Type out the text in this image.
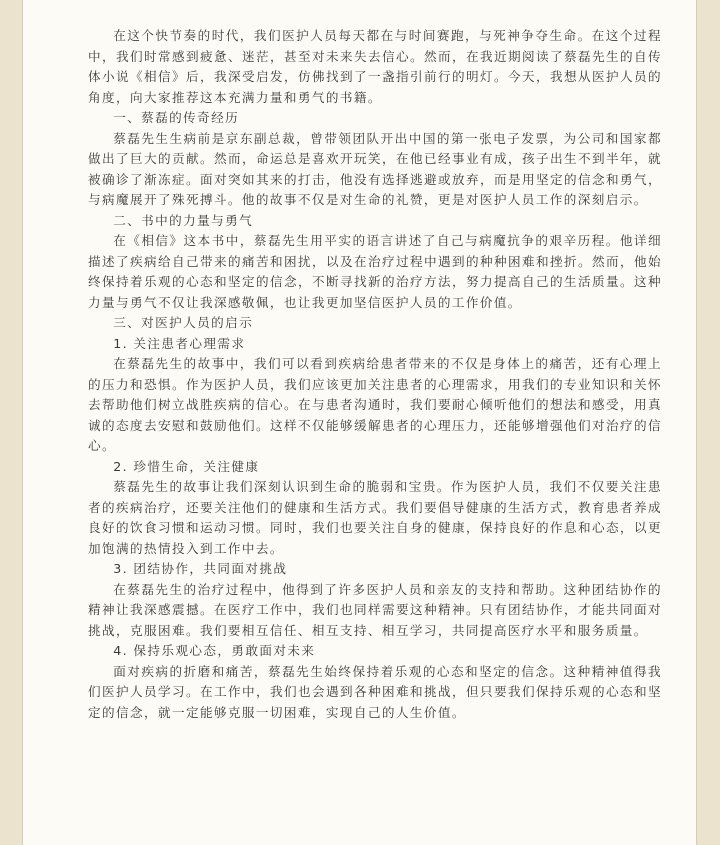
在这个快节奏的时代，我们医护人员每天都在与时间赛跑，与死神争夺生命。在这个过程中，我们时常感到疲惫、迷茫，甚至对未来失去信心。然而，在我近期阅读了蔡磊先生的自传体小说《相信》后，我深受启发，仿佛找到了一盏指引前行的明灯。今天，我想从医护人员的角度，向大家推荐这本充满力量和勇气的书籍。

一、蔡磊的传奇经历

蔡磊先生生病前是京东副总裁，曾带领团队开出中国的第一张电子发票，为公司和国家都做出了巨大的贡献。然而，命运总是喜欢开玩笑，在他已经事业有成，孩子出生不到半年，就被确诊了渐冻症。面对突如其来的打击，他没有选择逃避或放弃，而是用坚定的信念和勇气，与病魔展开了殊死搏斗。他的故事不仅是对生命的礼赞，更是对医护人员工作的深刻启示。

二、书中的力量与勇气

在《相信》这本书中，蔡磊先生用平实的语言讲述了自己与病魔抗争的艰辛历程。他详细描述了疾病给自己带来的痛苦和困扰，以及在治疗过程中遇到的种种困难和挫折。然而，他始终保持着乐观的心态和坚定的信念，不断寻找新的治疗方法，努力提高自己的生活质量。这种力量与勇气不仅让我深感敬佩，也让我更加坚信医护人员的工作价值。

三、对医护人员的启示

1. 关注患者心理需求

在蔡磊先生的故事中，我们可以看到疾病给患者带来的不仅是身体上的痛苦，还有心理上的压力和恐惧。作为医护人员，我们应该更加关注患者的心理需求，用我们的专业知识和关怀去帮助他们树立战胜疾病的信心。在与患者沟通时，我们要耐心倾听他们的想法和感受，用真诚的态度去安慰和鼓励他们。这样不仅能够缓解患者的心理压力，还能够增强他们对治疗的信心。

2. 珍惜生命，关注健康

蔡磊先生的故事让我们深刻认识到生命的脆弱和宝贵。作为医护人员，我们不仅要关注患者的疾病治疗，还要关注他们的健康和生活方式。我们要倡导健康的生活方式，教育患者养成良好的饮食习惯和运动习惯。同时，我们也要关注自身的健康，保持良好的作息和心态，以更加饱满的热情投入到工作中去。

3. 团结协作，共同面对挑战

在蔡磊先生的治疗过程中，他得到了许多医护人员和亲友的支持和帮助。这种团结协作的精神让我深感震撼。在医疗工作中，我们也同样需要这种精神。只有团结协作，才能共同面对挑战，克服困难。我们要相互信任、相互支持、相互学习，共同提高医疗水平和服务质量。

4. 保持乐观心态，勇敢面对未来

面对疾病的折磨和痛苦，蔡磊先生始终保持着乐观的心态和坚定的信念。这种精神值得我们医护人员学习。在工作中，我们也会遇到各种困难和挑战，但只要我们保持乐观的心态和坚定的信念，就一定能够克服一切困难，实现自己的人生价值。
